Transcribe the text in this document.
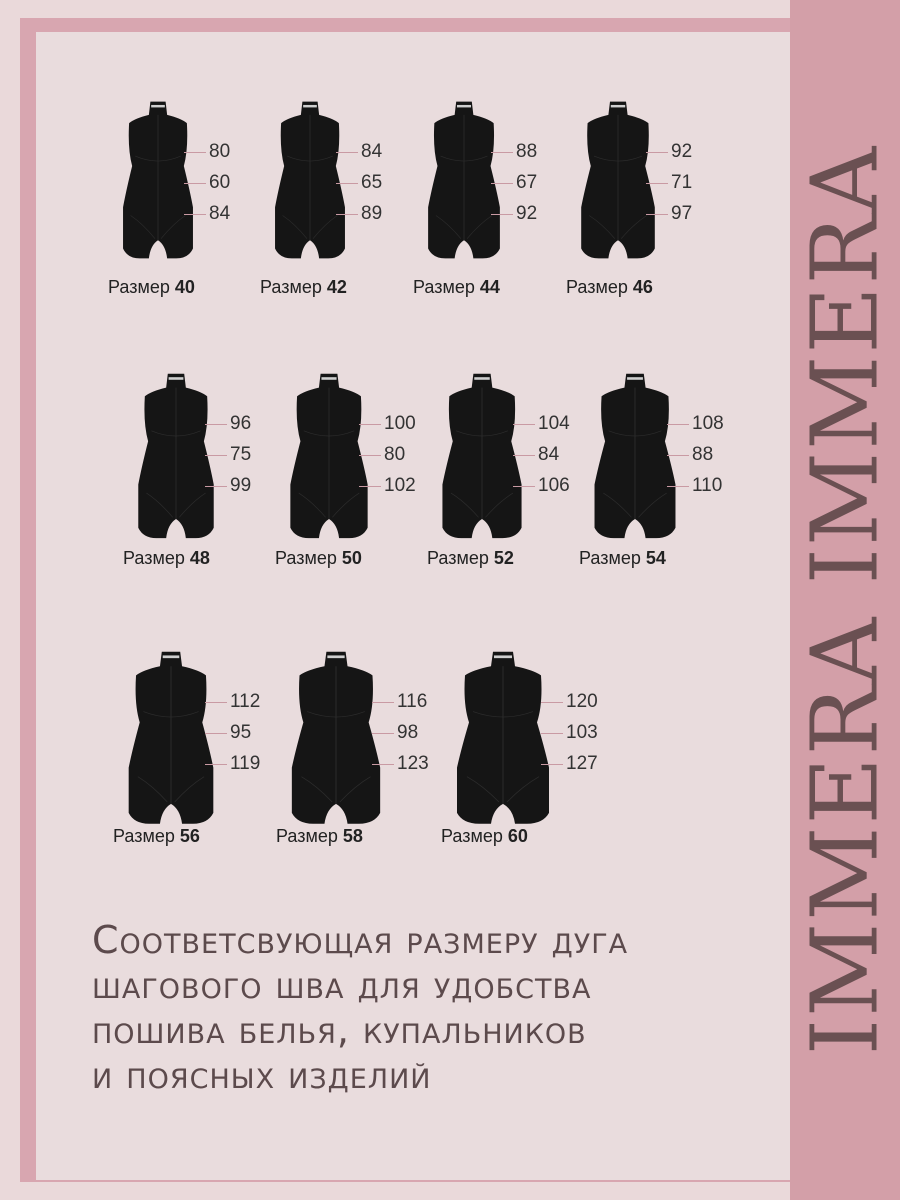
IMMERA IMMERA
80
60
84
Размер 40
84
65
89
Размер 42
88
67
92
Размер 44
92
71
97
Размер 46
96
75
99
Размер 48
100
80
102
Размер 50
104
84
106
Размер 52
108
88
110
Размер 54
112
95
119
Размер 56
116
98
123
Размер 58
120
103
127
Размер 60
Соответсвующая размеру дуга
шагового шва для удобства
пошива белья, купальников
и поясных изделий
